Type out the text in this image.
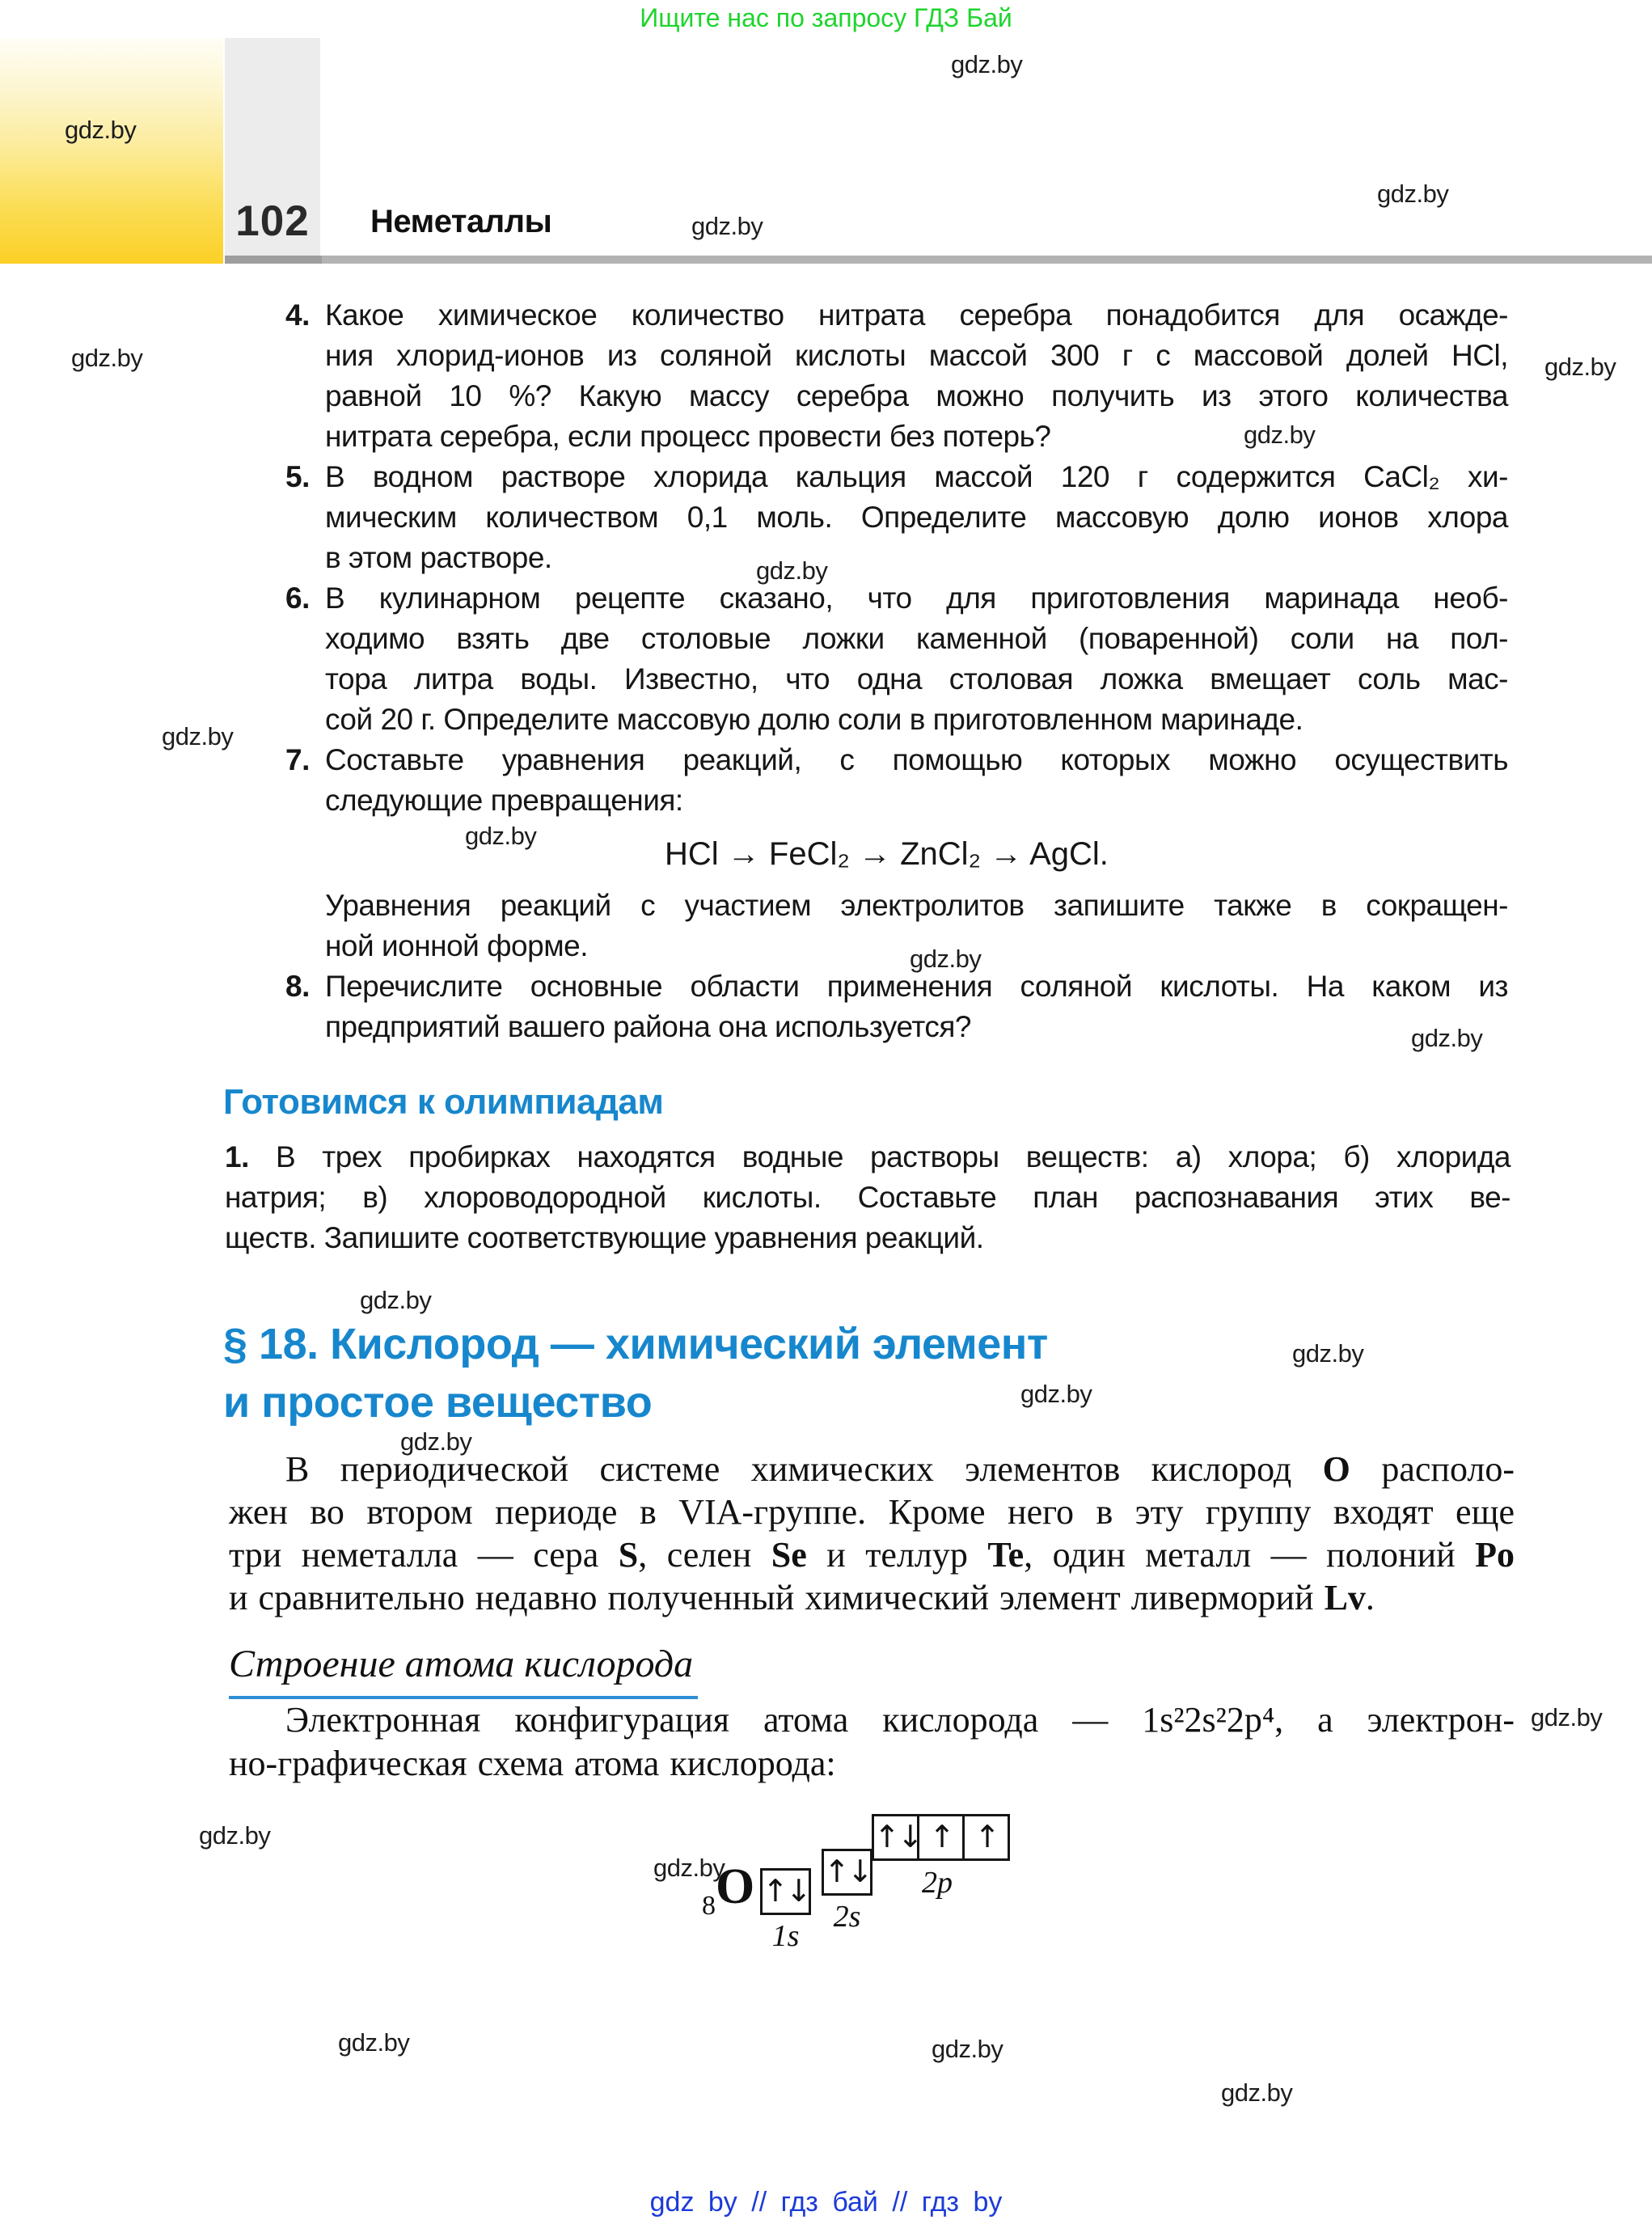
Ищите нас по запросу ГДЗ Бай
102	Неметаллы
gdz.by
gdz.by
gdz.by
gdz.by
gdz.by	gdz.by
gdz.by
gdz.by
gdz.by
gdz.by
gdz.by
gdz.by
gdz.by
gdz.by
gdz.by
gdz.by
gdz.by
gdz.by
gdz.by
gdz.by	gdz.by
gdz.by
4. Какое химическое количество нитрата серебра понадобится для осажде-
ния хлорид-ионов из соляной кислоты массой 300 г с массовой долей HCl,
равной 10 %? Какую массу серебра можно получить из этого количества
нитрата серебра, если процесс провести без потерь?
5. В водном растворе хлорида кальция массой 120 г содержится CaCl₂ хи-
мическим количеством 0,1 моль. Определите массовую долю ионов хлора
в этом растворе.
6. В кулинарном рецепте сказано, что для приготовления маринада необ-
ходимо взять две столовые ложки каменной (поваренной) соли на пол-
тора литра воды. Известно, что одна столовая ложка вмещает соль мас-
сой 20 г. Определите массовую долю соли в приготовленном маринаде.
7. Составьте уравнения реакций, с помощью которых можно осуществить
следующие превращения:
HCl → FeCl₂ → ZnCl₂ → AgCl.
Уравнения реакций с участием электролитов запишите также в сокращен-
ной ионной форме.
8. Перечислите основные области применения соляной кислоты. На каком из
предприятий вашего района она используется?
Готовимся к олимпиадам
1. В трех пробирках находятся водные растворы веществ: а) хлора; б) хлорида
натрия; в) хлороводородной кислоты. Составьте план распознавания этих ве-
ществ. Запишите соответствующие уравнения реакций.
§ 18. Кислород — химический элемент
и простое вещество
В периодической системе химических элементов кислород O располо-
жен во втором периоде в VIA-группе. Кроме него в эту группу входят еще
три неметалла — сера S, селен Se и теллур Te, один металл — полоний Po
и сравнительно недавно полученный химический элемент ливерморий Lv.
Строение атома кислорода
Электронная конфигурация атома кислорода — 1s²2s²2p⁴, а электрон-
но-графическая схема атома кислорода:
8O ↑↓
1s
↑↓
2s
↑↓ ↑ ↑
2p
gdz by // гдз бай // гдз by
